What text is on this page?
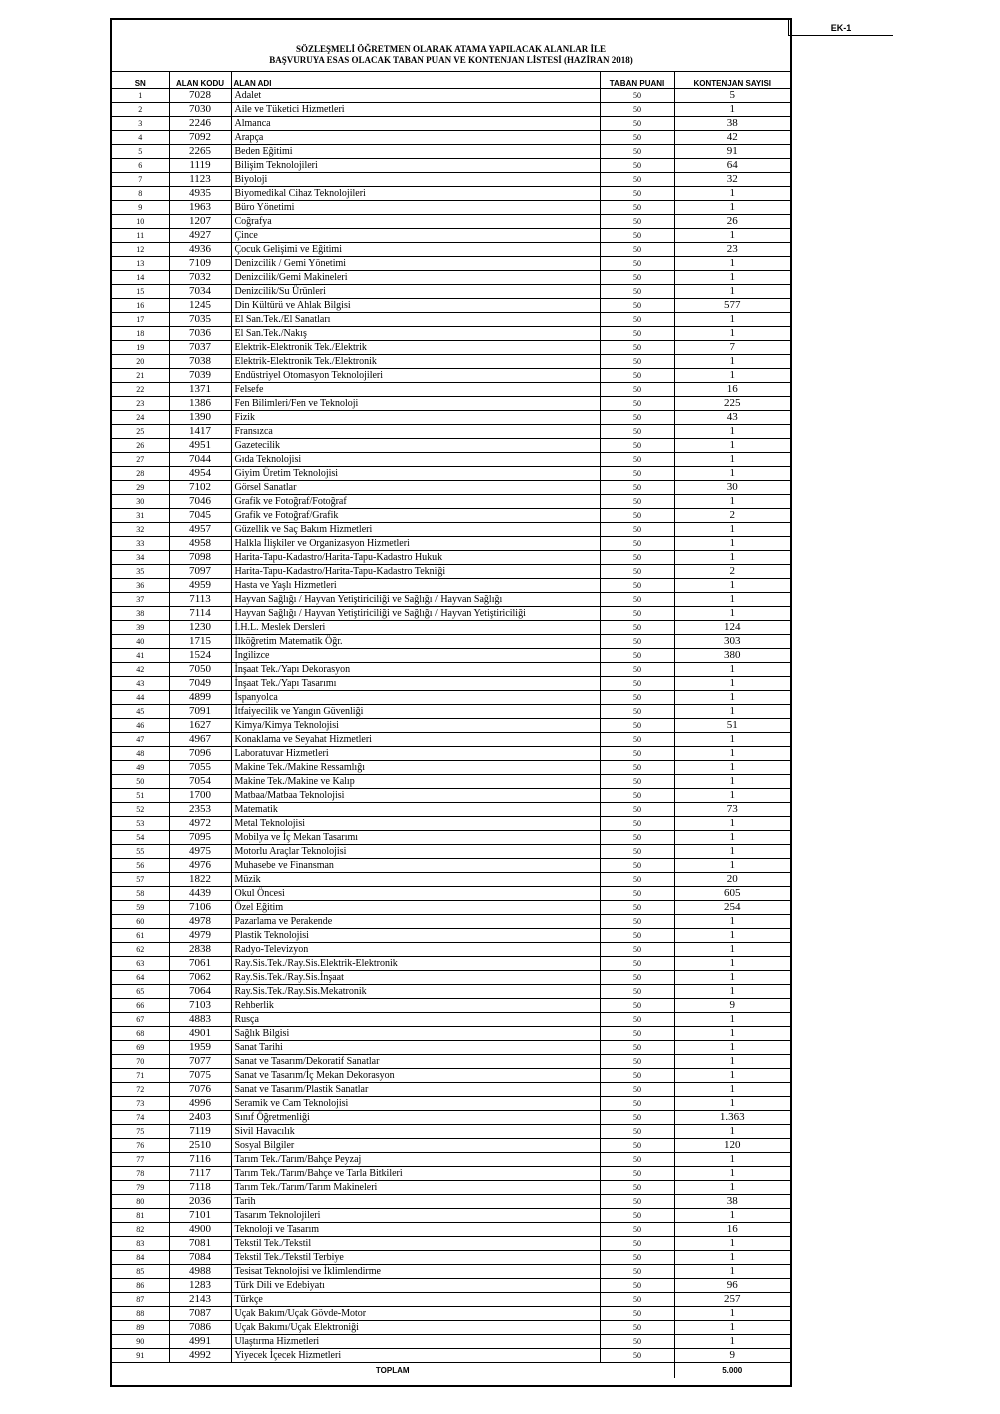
EK-1
SÖZLEŞMELİ ÖĞRETMEN OLARAK ATAMA YAPILACAK ALANLAR İLE
BAŞVURUYA ESAS OLACAK TABAN PUAN VE KONTENJAN LİSTESİ (HAZİRAN 2018)
SN	ALAN KODU	ALAN ADI	TABAN PUANI	KONTENJAN SAYISI
1	7028	Adalet	50	5
2	7030	Aile ve Tüketici Hizmetleri	50	1
3	2246	Almanca	50	38
4	7092	Arapça	50	42
5	2265	Beden Eğitimi	50	91
6	1119	Bilişim Teknolojileri	50	64
7	1123	Biyoloji	50	32
8	4935	Biyomedikal Cihaz Teknolojileri	50	1
9	1963	Büro Yönetimi	50	1
10	1207	Coğrafya	50	26
11	4927	Çince	50	1
12	4936	Çocuk Gelişimi ve Eğitimi	50	23
13	7109	Denizcilik / Gemi Yönetimi	50	1
14	7032	Denizcilik/Gemi Makineleri	50	1
15	7034	Denizcilik/Su Ürünleri	50	1
16	1245	Din Kültürü ve Ahlak Bilgisi	50	577
17	7035	El San.Tek./El Sanatları	50	1
18	7036	El San.Tek./Nakış	50	1
19	7037	Elektrik-Elektronik Tek./Elektrik	50	7
20	7038	Elektrik-Elektronik Tek./Elektronik	50	1
21	7039	Endüstriyel Otomasyon Teknolojileri	50	1
22	1371	Felsefe	50	16
23	1386	Fen Bilimleri/Fen ve Teknoloji	50	225
24	1390	Fizik	50	43
25	1417	Fransızca	50	1
26	4951	Gazetecilik	50	1
27	7044	Gıda Teknolojisi	50	1
28	4954	Giyim Üretim Teknolojisi	50	1
29	7102	Görsel Sanatlar	50	30
30	7046	Grafik ve Fotoğraf/Fotoğraf	50	1
31	7045	Grafik ve Fotoğraf/Grafik	50	2
32	4957	Güzellik ve Saç Bakım Hizmetleri	50	1
33	4958	Halkla İlişkiler ve Organizasyon Hizmetleri	50	1
34	7098	Harita-Tapu-Kadastro/Harita-Tapu-Kadastro Hukuk	50	1
35	7097	Harita-Tapu-Kadastro/Harita-Tapu-Kadastro Tekniği	50	2
36	4959	Hasta ve Yaşlı Hizmetleri	50	1
37	7113	Hayvan Sağlığı / Hayvan Yetiştiriciliği ve Sağlığı / Hayvan Sağlığı	50	1
38	7114	Hayvan Sağlığı / Hayvan Yetiştiriciliği ve Sağlığı / Hayvan Yetiştiriciliği	50	1
39	1230	İ.H.L. Meslek Dersleri	50	124
40	1715	İlköğretim Matematik Öğr.	50	303
41	1524	İngilizce	50	380
42	7050	İnşaat Tek./Yapı Dekorasyon	50	1
43	7049	İnşaat Tek./Yapı Tasarımı	50	1
44	4899	İspanyolca	50	1
45	7091	İtfaiyecilik ve Yangın Güvenliği	50	1
46	1627	Kimya/Kimya Teknolojisi	50	51
47	4967	Konaklama ve Seyahat Hizmetleri	50	1
48	7096	Laboratuvar Hizmetleri	50	1
49	7055	Makine Tek./Makine Ressamlığı	50	1
50	7054	Makine Tek./Makine ve Kalıp	50	1
51	1700	Matbaa/Matbaa Teknolojisi	50	1
52	2353	Matematik	50	73
53	4972	Metal Teknolojisi	50	1
54	7095	Mobilya ve İç Mekan Tasarımı	50	1
55	4975	Motorlu Araçlar Teknolojisi	50	1
56	4976	Muhasebe ve Finansman	50	1
57	1822	Müzik	50	20
58	4439	Okul Öncesi	50	605
59	7106	Özel Eğitim	50	254
60	4978	Pazarlama ve Perakende	50	1
61	4979	Plastik Teknolojisi	50	1
62	2838	Radyo-Televizyon	50	1
63	7061	Ray.Sis.Tek./Ray.Sis.Elektrik-Elektronik	50	1
64	7062	Ray.Sis.Tek./Ray.Sis.İnşaat	50	1
65	7064	Ray.Sis.Tek./Ray.Sis.Mekatronik	50	1
66	7103	Rehberlik	50	9
67	4883	Rusça	50	1
68	4901	Sağlık Bilgisi	50	1
69	1959	Sanat Tarihi	50	1
70	7077	Sanat ve Tasarım/Dekoratif Sanatlar	50	1
71	7075	Sanat ve Tasarım/İç Mekan Dekorasyon	50	1
72	7076	Sanat ve Tasarım/Plastik Sanatlar	50	1
73	4996	Seramik ve Cam Teknolojisi	50	1
74	2403	Sınıf Öğretmenliği	50	1.363
75	7119	Sivil Havacılık	50	1
76	2510	Sosyal Bilgiler	50	120
77	7116	Tarım Tek./Tarım/Bahçe Peyzaj	50	1
78	7117	Tarım Tek./Tarım/Bahçe ve Tarla Bitkileri	50	1
79	7118	Tarım Tek./Tarım/Tarım Makineleri	50	1
80	2036	Tarih	50	38
81	7101	Tasarım Teknolojileri	50	1
82	4900	Teknoloji ve Tasarım	50	16
83	7081	Tekstil Tek./Tekstil	50	1
84	7084	Tekstil Tek./Tekstil Terbiye	50	1
85	4988	Tesisat Teknolojisi ve İklimlendirme	50	1
86	1283	Türk Dili ve Edebiyatı	50	96
87	2143	Türkçe	50	257
88	7087	Uçak Bakım/Uçak Gövde-Motor	50	1
89	7086	Uçak Bakımı/Uçak Elektroniği	50	1
90	4991	Ulaştırma Hizmetleri	50	1
91	4992	Yiyecek İçecek Hizmetleri	50	9
TOPLAM				5.000
